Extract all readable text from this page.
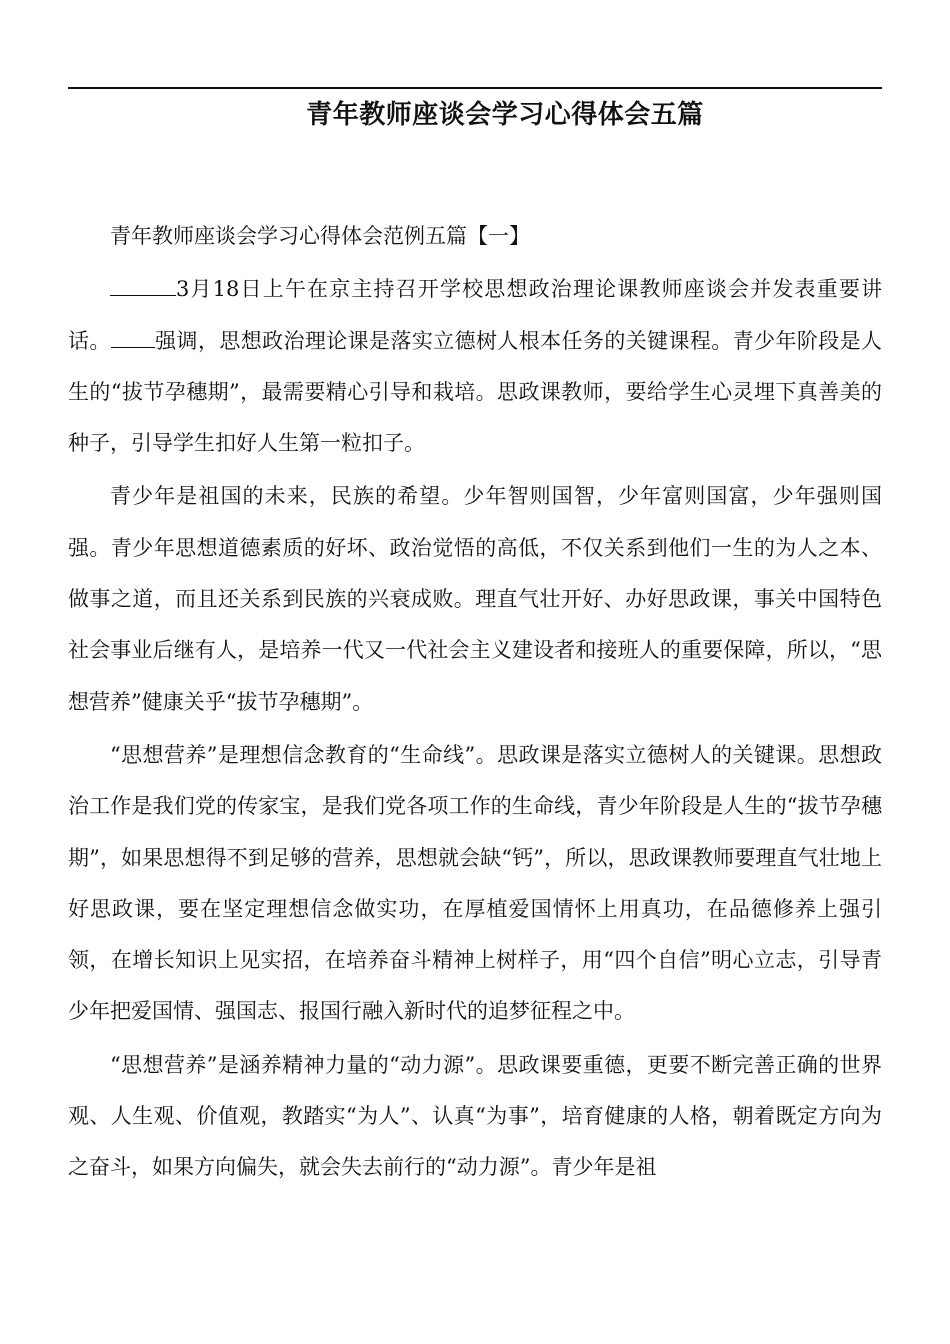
青年教师座谈会学习心得体会五篇

青年教师座谈会学习心得体会范例五篇【一】

3月18日上午在京主持召开学校思想政治理论课教师座谈会并发表重要讲话。 强调，思想政治理论课是落实立德树人根本任务的关键课程。青少年阶段是人生的“拔节孕穗期”，最需要精心引导和栽培。思政课教师，要给学生心灵埋下真善美的种子，引导学生扣好人生第一粒扣子。

青少年是祖国的未来，民族的希望。少年智则国智，少年富则国富，少年强则国强。青少年思想道德素质的好坏、政治觉悟的高低，不仅关系到他们一生的为人之本、做事之道，而且还关系到民族的兴衰成败。理直气壮开好、办好思政课，事关中国特色社会事业后继有人，是培养一代又一代社会主义建设者和接班人的重要保障，所以，“思想营养”健康关乎“拔节孕穗期”。

“思想营养”是理想信念教育的“生命线”。思政课是落实立德树人的关键课。思想政治工作是我们党的传家宝，是我们党各项工作的生命线，青少年阶段是人生的“拔节孕穗期”，如果思想得不到足够的营养，思想就会缺“钙”，所以，思政课教师要理直气壮地上好思政课，要在坚定理想信念做实功，在厚植爱国情怀上用真功，在品德修养上强引领，在增长知识上见实招，在培养奋斗精神上树样子，用“四个自信”明心立志，引导青少年把爱国情、强国志、报国行融入新时代的追梦征程之中。

“思想营养”是涵养精神力量的“动力源”。思政课要重德，更要不断完善正确的世界观、人生观、价值观，教踏实“为人”、认真“为事”，培育健康的人格，朝着既定方向为之奋斗，如果方向偏失，就会失去前行的“动力源”。青少年是祖
